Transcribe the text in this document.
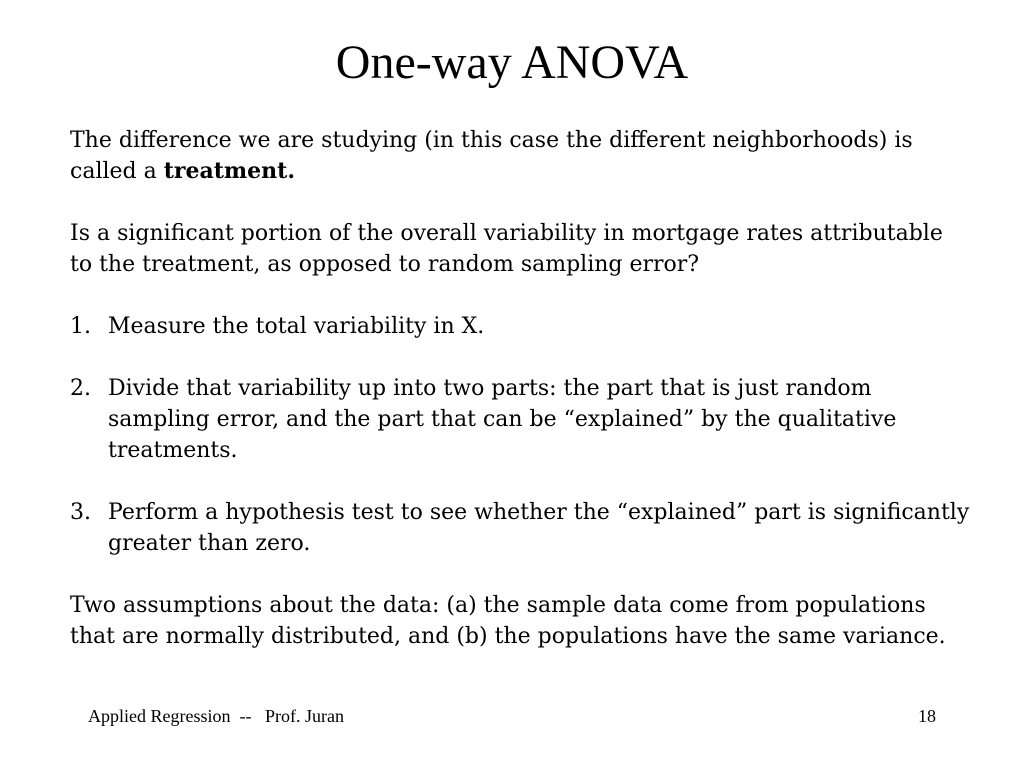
One-way ANOVA

The difference we are studying (in this case the different neighborhoods) is called a treatment.

Is a significant portion of the overall variability in mortgage rates attributable to the treatment, as opposed to random sampling error?

1. Measure the total variability in X.
2. Divide that variability up into two parts: the part that is just random sampling error, and the part that can be “explained” by the qualitative treatments.
3. Perform a hypothesis test to see whether the “explained” part is significantly greater than zero.

Two assumptions about the data: (a) the sample data come from populations that are normally distributed, and (b) the populations have the same variance.

Applied Regression  --   Prof. Juran	18
